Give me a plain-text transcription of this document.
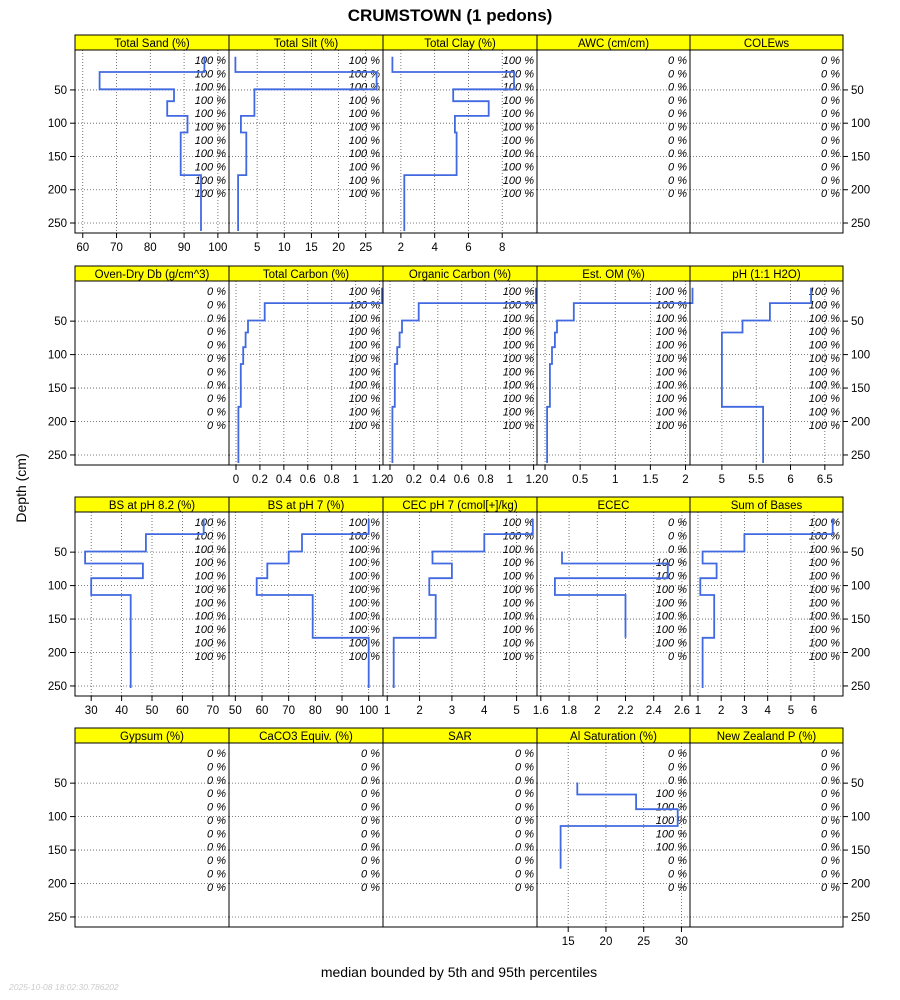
CRUMSTOWN (1 pedons)
Depth (cm)
median bounded by 5th and 95th percentiles
2025-10-08 18:02:30.786202
Total Sand (%)
100 %
100 %
100 %
100 %
100 %
100 %
100 %
100 %
100 %
100 %
100 %
60 70 80 90 100
Total Silt (%)
100 %
100 %
100 %
100 %
100 %
100 %
100 %
100 %
100 %
100 %
100 %
5 10 15 20 25
Total Clay (%)
100 %
100 %
100 %
100 %
100 %
100 %
100 %
100 %
100 %
100 %
100 %
2 4 6 8
AWC (cm/cm)
0 %
0 %
0 %
0 %
0 %
0 %
0 %
0 %
0 %
0 %
0 %
COLEws
0 %
0 %
0 %
0 %
0 %
0 %
0 %
0 %
0 %
0 %
0 %
50	50
100	100
150	150
200	200
250	250
Oven-Dry Db (g/cm^3)
0 %
0 %
0 %
0 %
0 %
0 %
0 %
0 %
0 %
0 %
0 %
Total Carbon (%)
100 %
100 %
100 %
100 %
100 %
100 %
100 %
100 %
100 %
100 %
100 %
0 0.2 0.4 0.6 0.8 1 1.2
Organic Carbon (%)
100 %
100 %
100 %
100 %
100 %
100 %
100 %
100 %
100 %
100 %
100 %
0 0.2 0.4 0.6 0.8 1 1.2
Est. OM (%)
100 %
100 %
100 %
100 %
100 %
100 %
100 %
100 %
100 %
100 %
100 %
0 0.5 1 1.5 2
pH (1:1 H2O)
100 %
100 %
100 %
100 %
100 %
100 %
100 %
100 %
100 %
100 %
100 %
5 5.5 6 6.5
50	50
100	100
150	150
200	200
250	250
BS at pH 8.2 (%)
100 %
100 %
100 %
100 %
100 %
100 %
100 %
100 %
100 %
100 %
100 %
30 40 50 60 70
BS at pH 7 (%)
100 %
100 %
100 %
100 %
100 %
100 %
100 %
100 %
100 %
100 %
100 %
50 60 70 80 90 100
CEC pH 7 (cmol[+]/kg)
100 %
100 %
100 %
100 %
100 %
100 %
100 %
100 %
100 %
100 %
100 %
1 2 3 4 5
ECEC
0 %
0 %
0 %
100 %
100 %
100 %
100 %
100 %
100 %
100 %
0 %
1.6 1.8 2 2.2 2.4 2.6
Sum of Bases
100 %
100 %
100 %
100 %
100 %
100 %
100 %
100 %
100 %
100 %
100 %
1 2 3 4 5 6
50	50
100	100
150	150
200	200
250	250
Gypsum (%)
0 %
0 %
0 %
0 %
0 %
0 %
0 %
0 %
0 %
0 %
0 %
CaCO3 Equiv. (%)
0 %
0 %
0 %
0 %
0 %
0 %
0 %
0 %
0 %
0 %
0 %
SAR
0 %
0 %
0 %
0 %
0 %
0 %
0 %
0 %
0 %
0 %
0 %
Al Saturation (%)
0 %
0 %
0 %
100 %
100 %
100 %
100 %
100 %
0 %
0 %
0 %
15 20 25 30
New Zealand P (%)
0 %
0 %
0 %
0 %
0 %
0 %
0 %
0 %
0 %
0 %
0 %
50	50
100	100
150	150
200	200
250	250
